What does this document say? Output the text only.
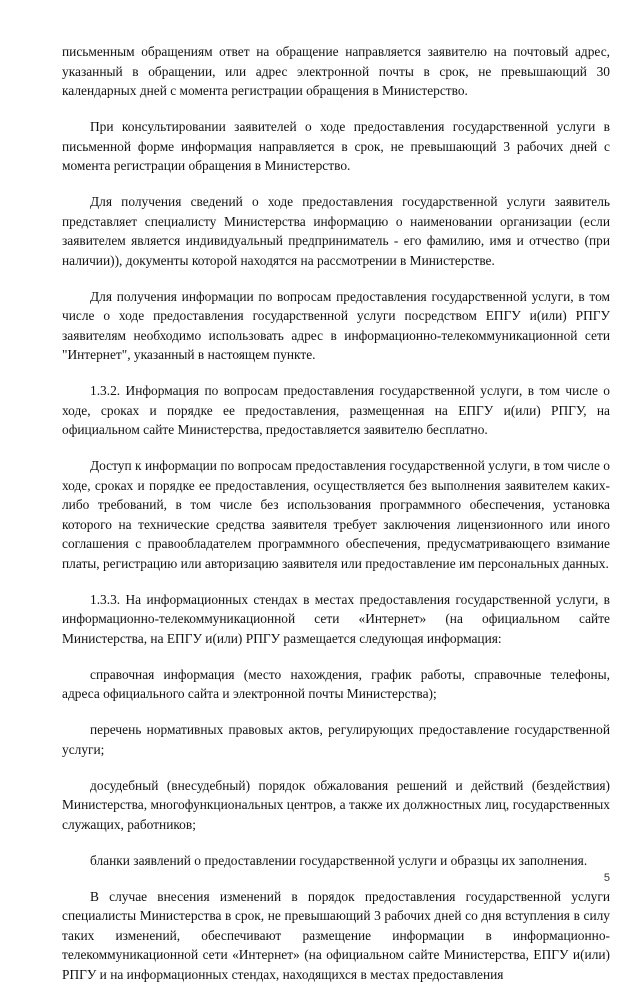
письменным обращениям ответ на обращение направляется заявителю на почтовый адрес, указанный в обращении, или адрес электронной почты в срок, не превышающий 30 календарных дней с момента регистрации обращения в Министерство.

При консультировании заявителей о ходе предоставления государственной услуги в письменной форме информация направляется в срок, не превышающий 3 рабочих дней с момента регистрации обращения в Министерство.

Для получения сведений о ходе предоставления государственной услуги заявитель представляет специалисту Министерства информацию о наименовании организации (если заявителем является индивидуальный предприниматель - его фамилию, имя и отчество (при наличии)), документы которой находятся на рассмотрении в Министерстве.

Для получения информации по вопросам предоставления государственной услуги, в том числе о ходе предоставления государственной услуги посредством ЕПГУ и(или) РПГУ заявителям необходимо использовать адрес в информационно-телекоммуникационной сети "Интернет", указанный в настоящем пункте.

1.3.2. Информация по вопросам предоставления государственной услуги, в том числе о ходе, сроках и порядке ее предоставления, размещенная на ЕПГУ и(или) РПГУ, на официальном сайте Министерства, предоставляется заявителю бесплатно.

Доступ к информации по вопросам предоставления государственной услуги, в том числе о ходе, сроках и порядке ее предоставления, осуществляется без выполнения заявителем каких-либо требований, в том числе без использования программного обеспечения, установка которого на технические средства заявителя требует заключения лицензионного или иного соглашения с правообладателем программного обеспечения, предусматривающего взимание платы, регистрацию или авторизацию заявителя или предоставление им персональных данных.

1.3.3. На информационных стендах в местах предоставления государственной услуги, в информационно-телекоммуникационной сети «Интернет» (на официальном сайте Министерства, на ЕПГУ и(или) РПГУ размещается следующая информация:

справочная информация (место нахождения, график работы, справочные телефоны, адреса официального сайта и электронной почты Министерства);

перечень нормативных правовых актов, регулирующих предоставление государственной услуги;

досудебный (внесудебный) порядок обжалования решений и действий (бездействия) Министерства, многофункциональных центров, а также их должностных лиц, государственных служащих, работников;

бланки заявлений о предоставлении государственной услуги и образцы их заполнения.

В случае внесения изменений в порядок предоставления государственной услуги специалисты Министерства в срок, не превышающий 3 рабочих дней со дня вступления в силу таких изменений, обеспечивают размещение информации в информационно-телекоммуникационной сети «Интернет» (на официальном сайте Министерства, ЕПГУ и(или) РПГУ и на информационных стендах, находящихся в местах предоставления

5
